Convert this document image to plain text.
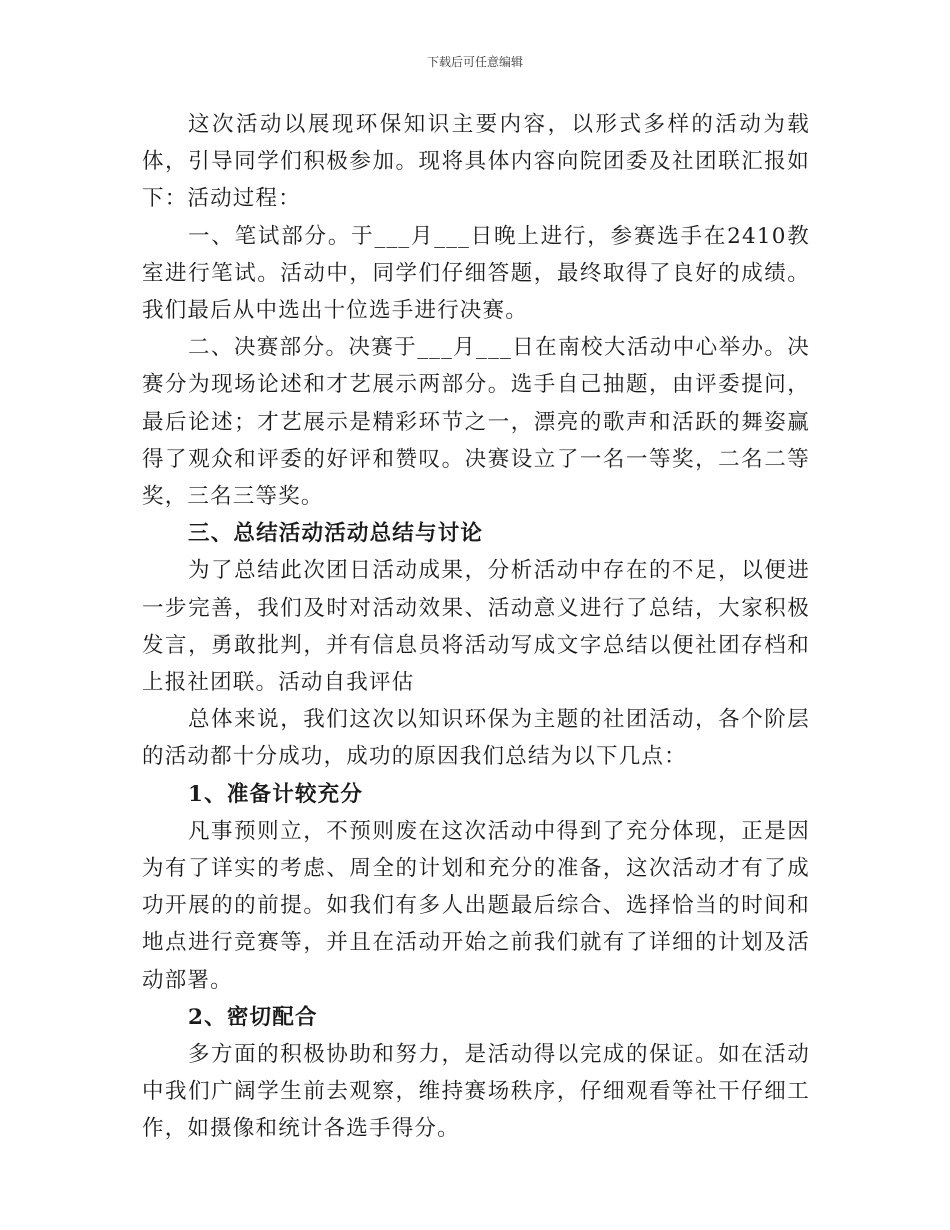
下载后可任意编辑

这次活动以展现环保知识主要内容，以形式多样的活动为载体，引导同学们积极参加。现将具体内容向院团委及社团联汇报如下：活动过程：

一、笔试部分。于___月___日晚上进行，参赛选手在2410教室进行笔试。活动中，同学们仔细答题，最终取得了良好的成绩。我们最后从中选出十位选手进行决赛。

二、决赛部分。决赛于___月___日在南校大活动中心举办。决赛分为现场论述和才艺展示两部分。选手自己抽题，由评委提问，最后论述；才艺展示是精彩环节之一，漂亮的歌声和活跃的舞姿赢得了观众和评委的好评和赞叹。决赛设立了一名一等奖，二名二等奖，三名三等奖。

三、总结活动活动总结与讨论

为了总结此次团日活动成果，分析活动中存在的不足，以便进一步完善，我们及时对活动效果、活动意义进行了总结，大家积极发言，勇敢批判，并有信息员将活动写成文字总结以便社团存档和上报社团联。活动自我评估

总体来说，我们这次以知识环保为主题的社团活动，各个阶层的活动都十分成功，成功的原因我们总结为以下几点：

1、准备计较充分

凡事预则立，不预则废在这次活动中得到了充分体现，正是因为有了详实的考虑、周全的计划和充分的准备，这次活动才有了成功开展的的前提。如我们有多人出题最后综合、选择恰当的时间和地点进行竞赛等，并且在活动开始之前我们就有了详细的计划及活动部署。

2、密切配合

多方面的积极协助和努力，是活动得以完成的保证。如在活动中我们广阔学生前去观察，维持赛场秩序，仔细观看等社干仔细工作，如摄像和统计各选手得分。
